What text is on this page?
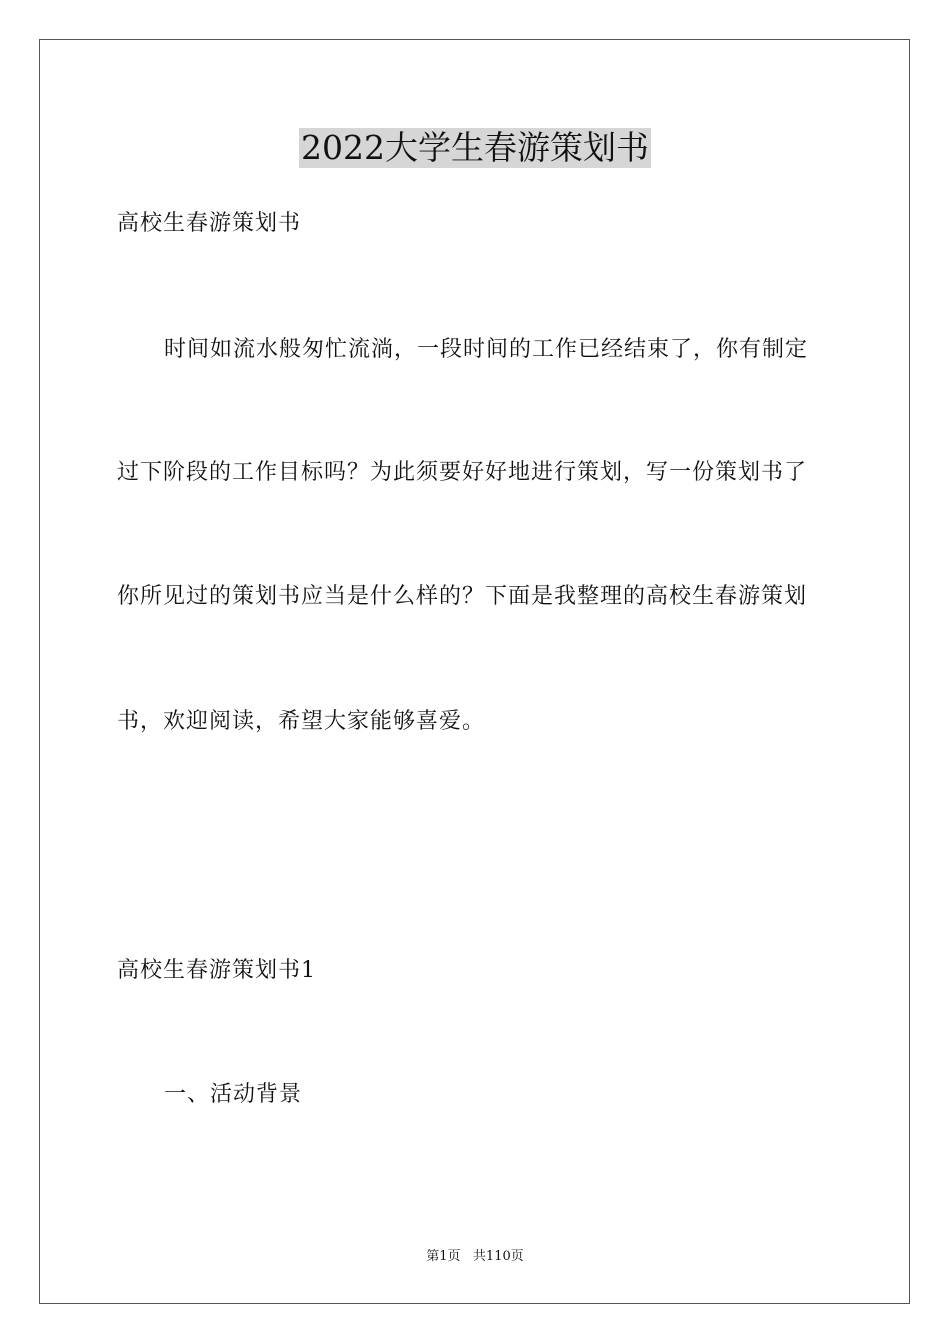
2022大学生春游策划书
高校生春游策划书
时间如流水般匆忙流淌，一段时间的工作已经结束了，你有制定
过下阶段的工作目标吗？为此须要好好地进行策划，写一份策划书了
你所见过的策划书应当是什么样的？下面是我整理的高校生春游策划
书，欢迎阅读，希望大家能够喜爱。
高校生春游策划书1
一、活动背景
第1页   共110页
